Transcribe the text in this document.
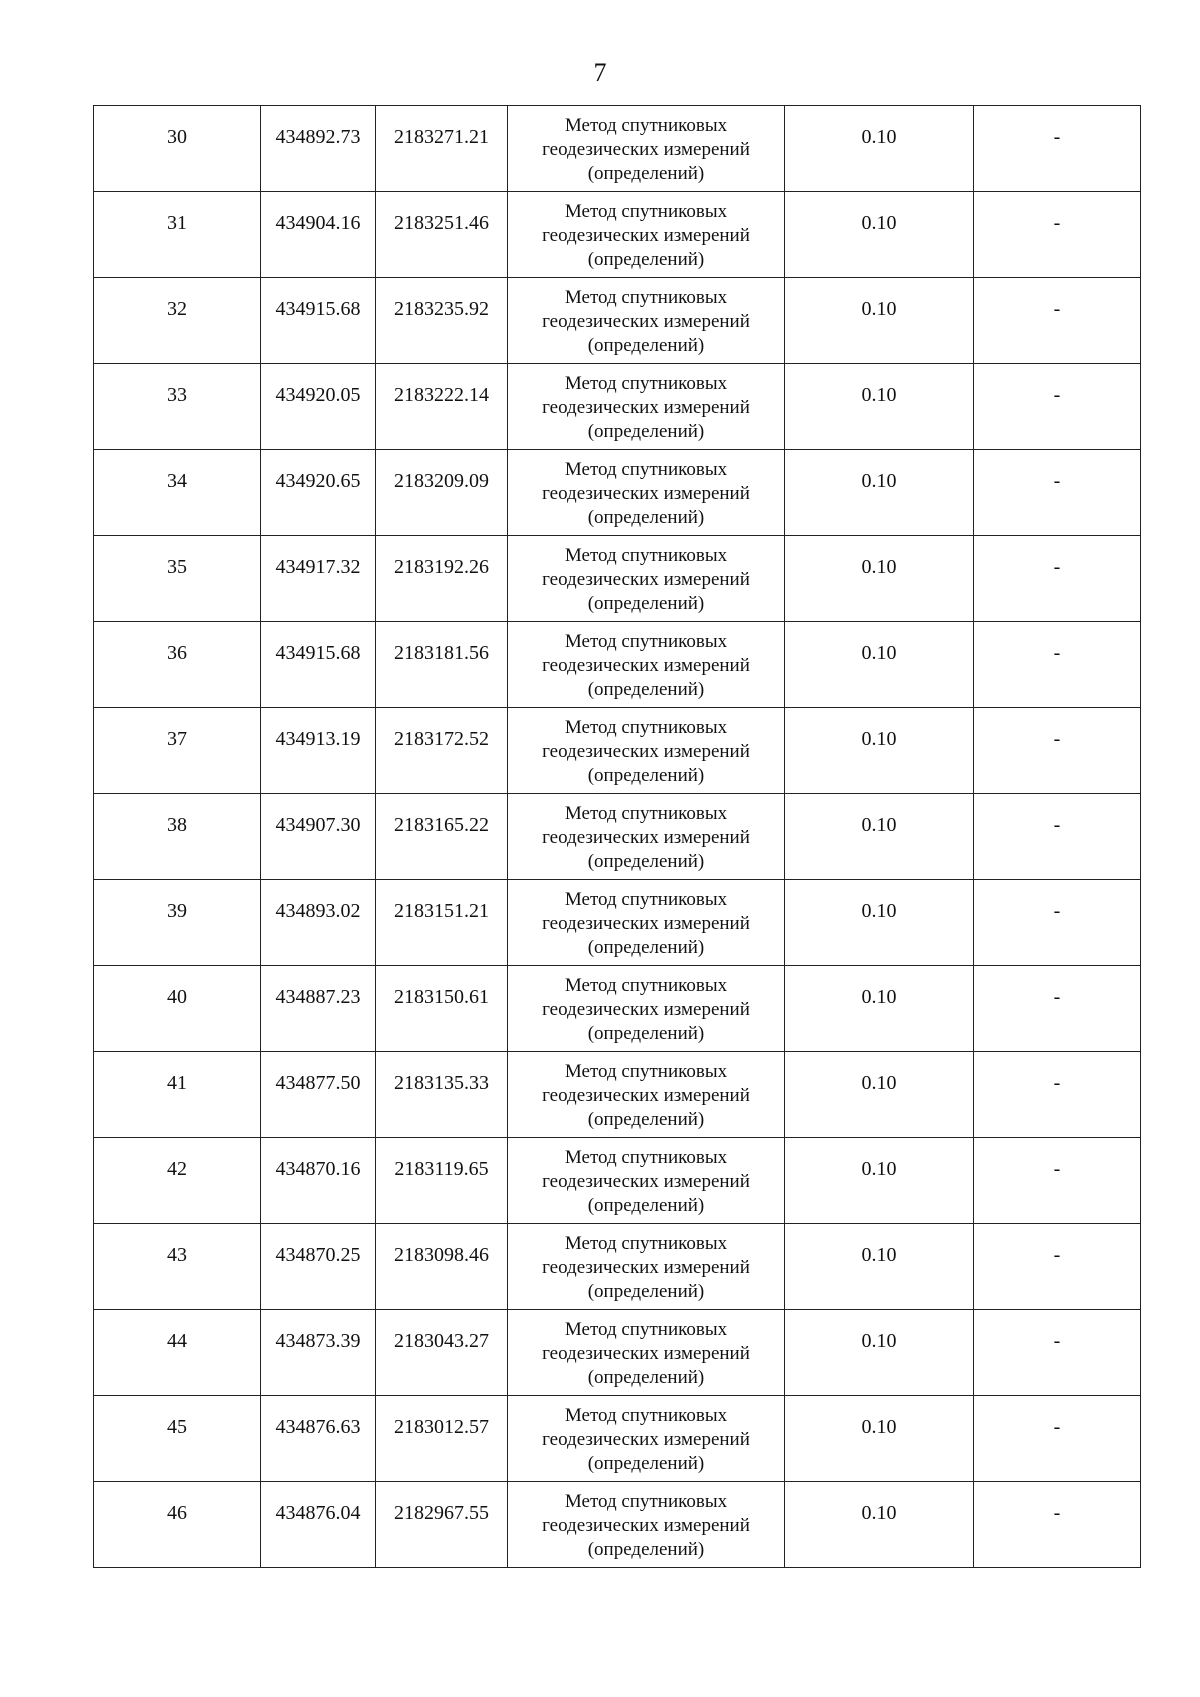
7
30	434892.73	2183271.21	Метод спутниковых
геодезических измерений
(определений)	0.10	-
31	434904.16	2183251.46	Метод спутниковых
геодезических измерений
(определений)	0.10	-
32	434915.68	2183235.92	Метод спутниковых
геодезических измерений
(определений)	0.10	-
33	434920.05	2183222.14	Метод спутниковых
геодезических измерений
(определений)	0.10	-
34	434920.65	2183209.09	Метод спутниковых
геодезических измерений
(определений)	0.10	-
35	434917.32	2183192.26	Метод спутниковых
геодезических измерений
(определений)	0.10	-
36	434915.68	2183181.56	Метод спутниковых
геодезических измерений
(определений)	0.10	-
37	434913.19	2183172.52	Метод спутниковых
геодезических измерений
(определений)	0.10	-
38	434907.30	2183165.22	Метод спутниковых
геодезических измерений
(определений)	0.10	-
39	434893.02	2183151.21	Метод спутниковых
геодезических измерений
(определений)	0.10	-
40	434887.23	2183150.61	Метод спутниковых
геодезических измерений
(определений)	0.10	-
41	434877.50	2183135.33	Метод спутниковых
геодезических измерений
(определений)	0.10	-
42	434870.16	2183119.65	Метод спутниковых
геодезических измерений
(определений)	0.10	-
43	434870.25	2183098.46	Метод спутниковых
геодезических измерений
(определений)	0.10	-
44	434873.39	2183043.27	Метод спутниковых
геодезических измерений
(определений)	0.10	-
45	434876.63	2183012.57	Метод спутниковых
геодезических измерений
(определений)	0.10	-
46	434876.04	2182967.55	Метод спутниковых
геодезических измерений
(определений)	0.10	-
